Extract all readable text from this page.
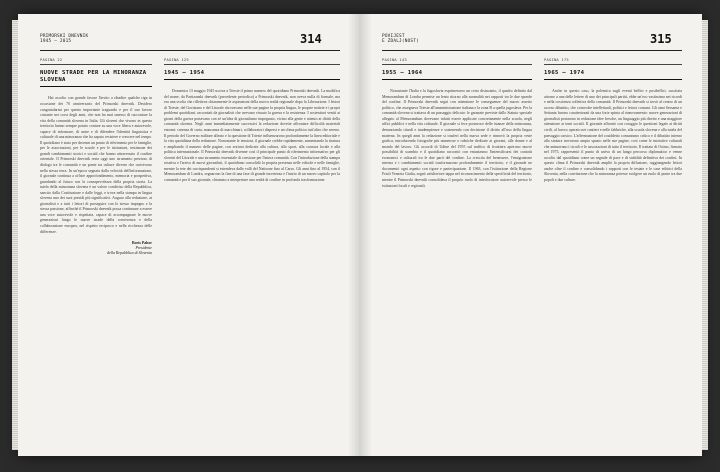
PRIMORSKI DNEVNIK
1945 – 2015	314
PAGINA 22
NUOVE STRADE PER LA MINORANZA SLOVENA

Hai accolto con grande favore l'invito a ribadire qualche riga in occasione dei 70 anniversario del Primorski dnevnik. Desidero congratularmi per questo importante traguardo e per il suo lavoro costante nei corsi degli anni, che non ha mai smesso di raccontare la vita della comunità slovena in Italia. Gli sloveni che vivono in questo territorio hanno sempre potuto contare su una voce libera e autorevole, capace di informare, di unire e di difendere l'identità linguistica e culturale di una minoranza che ha saputo resistere e crescere nel tempo. Il quotidiano è stato per decenni un punto di riferimento per le famiglie, per le associazioni, per le scuole e per le istituzioni, testimone dei grandi cambiamenti storici e sociali che hanno attraversato il confine orientale. Il Primorski dnevnik resta oggi uno strumento prezioso di dialogo tra le comunità e un ponte tra culture diverse che convivono nella stessa terra. In un'epoca segnata dalla velocità dell'informazione, il giornale continua a offrire approfondimento, memoria e prospettiva, guardando al futuro con la consapevolezza della propria storia. La tutela della minoranza slovena è un valore condiviso della Repubblica, sancito dalla Costituzione e dalle leggi, e trova nella stampa in lingua slovena uno dei suoi presidi più significativi. Auguro alla redazione, ai giornalisti e a tutti i lettori di proseguire con lo stesso impegno e la stessa passione, affinché il Primorski dnevnik possa continuare a essere una voce autorevole e rispettata, capace di accompagnare le nuove generazioni lungo le nuove strade della convivenza e della collaborazione europea, nel rispetto reciproco e nella ricchezza delle differenze.

Boris Pahor
Presidente
della Repubblica di Slovenia
PAGINA 125
1945 – 1954

Domenica 13 maggio 1945 usciva a Trieste il primo numero del quotidiano Primorski dnevnik. La modifica del nome, da Partizanski dnevnik (precedente periodico) a Primorski dnevnik, non aveva nulla di formale, ma era una svolta che rifletteva chiaramente le aspirazioni della nuova realtà regionale dopo la Liberazione. I lettori di Trieste, del Goriziano e del Litorale ritrovavano nelle sue pagine la propria lingua, le proprie notizie e i propri problemi quotidiani, raccontati da giornalisti che avevano vissuto la guerra e la resistenza. I sostenitori veniti ai giorni della guerra portavano con sé un'idea di giornalismo impegnato, vicino alla gente e attento ai diritti della comunità slovena. Negli anni immediatamente successivi la redazione dovette affrontare difficoltà materiali enormi: carenza di carta, mancanza di macchinari, collaboratori dispersi e un clima politico tutt'altro che sereno. Il periodo del Governo militare alleato e la questione di Trieste influenzarono profondamente la linea editoriale e la vita quotidiana della redazione. Nonostante le tensioni, il giornale crebbe rapidamente, aumentando la tiratura e ampliando il numero delle pagine, con sezioni dedicate alla cultura, allo sport, alla cronaca locale e alla politica internazionale. Il Primorski dnevnik divenne così il principale punto di riferimento informativo per gli sloveni del Litorale e uno strumento essenziale di coesione per l'intera comunità. Con l'introduzione della stampa rotativa e l'arrivo di nuovi giornalisti, il quotidiano consolidò la propria presenza nelle edicole e nelle famiglie, mentre la rete dei corrispondenti si estendeva dalle valli del Natisone fino al Carso. Gli anni fino al 1954, con il Memorandum di Londra, segnarono la fine di una fase di grande incertezza e l'inizio di un nuovo capitolo per la comunità e per il suo giornale, chiamato a interpretare una realtà di confine in profonda trasformazione.

POVIJEST
E ZDALJ(NOST)	315
PAGINA 143
1955 – 1964

Nonostante l'Italia e la Jugoslavia esprimessero un certo disincanto, il quadro definito dal Memorandum di Londra permise un lento ritorno alla normalità nei rapporti tra le due sponde del confine. Il Primorski dnevnik seguì con attenzione le conseguenze del nuovo assetto politico, che assegnava Trieste all'amministrazione italiana e la zona B a quella jugoslava. Per la comunità slovena si trattava di un passaggio delicato: le garanzie previste dallo Statuto speciale allegato al Memorandum dovevano infatti essere applicate concretamente nella scuola, negli uffici pubblici e nella vita culturale. Il giornale si fece portavoce delle istanze della minoranza, denunciando ritardi e inadempienze e sostenendo con decisione il diritto all'uso della lingua materna. In quegli anni la redazione si trasferì nella nuova sede e rinnovò la propria veste grafica, introducendo fotografie più numerose e rubriche dedicate ai giovani, alle donne e al mondo del lavoro. Gli accordi di Udine del 1955 sul traffico di frontiera aprirono nuove possibilità di scambio e il quotidiano raccontò con entusiasmo l'intensificarsi dei contatti economici e culturali tra le due parti del confine. La crescita del benessere, l'emigrazione interna e i cambiamenti sociali trasformarono profondamente il territorio, e il giornale ne documentò ogni aspetto con rigore e partecipazione. Il 1963, con l'istituzione della Regione Friuli Venezia Giulia, segnò un'ulteriore tappa nel riconoscimento della specificità del territorio, mentre il Primorski dnevnik consolidava il proprio ruolo di interlocutore autorevole presso le istituzioni locali e regionali.

PAGINA 175
1965 – 1974

Anche in questo caso, la polemica sugli eventi bellici e postbellici, suscitata attorno a una delle lettere di uno dei principali partiti, ebbe un'eco vastissima nei ricordi e nella coscienza collettiva della comunità. Il Primorski dnevnik si trovò al centro di un acceso dibattito, che coinvolse intellettuali, politici e lettori comuni. Gli anni Sessanta e Settanta furono caratterizzati da una forte spinta al rinnovamento: nuove generazioni di giornalisti portarono in redazione idee fresche, un linguaggio più diretto e una maggiore attenzione ai temi sociali. Il giornale affrontò con coraggio le questioni legate ai diritti civili, al lavoro operaio nei cantieri e nelle fabbriche, alla scuola slovena e alla tutela del paesaggio carsico. L'affermazione del cosiddetto comunismo critico e il dibattito interno alla sinistra trovarono ampio spazio nelle sue pagine, così come le iniziative culturali che animavano i circoli e le associazioni di tutto il territorio. Il trattato di Osimo, firmato nel 1975, rappresentò il punto di arrivo di un lungo percorso diplomatico e venne accolto dal quotidiano come un segnale di pace e di stabilità definitiva dei confini. In questo clima il Primorski dnevnik ampliò la propria diffusione, raggiungendo lettori anche oltre il confine e consolidando i rapporti con le testate e le case editrici della Slovenia, nella convinzione che la minoranza potesse svolgere un ruolo di ponte tra due popoli e due culture.
